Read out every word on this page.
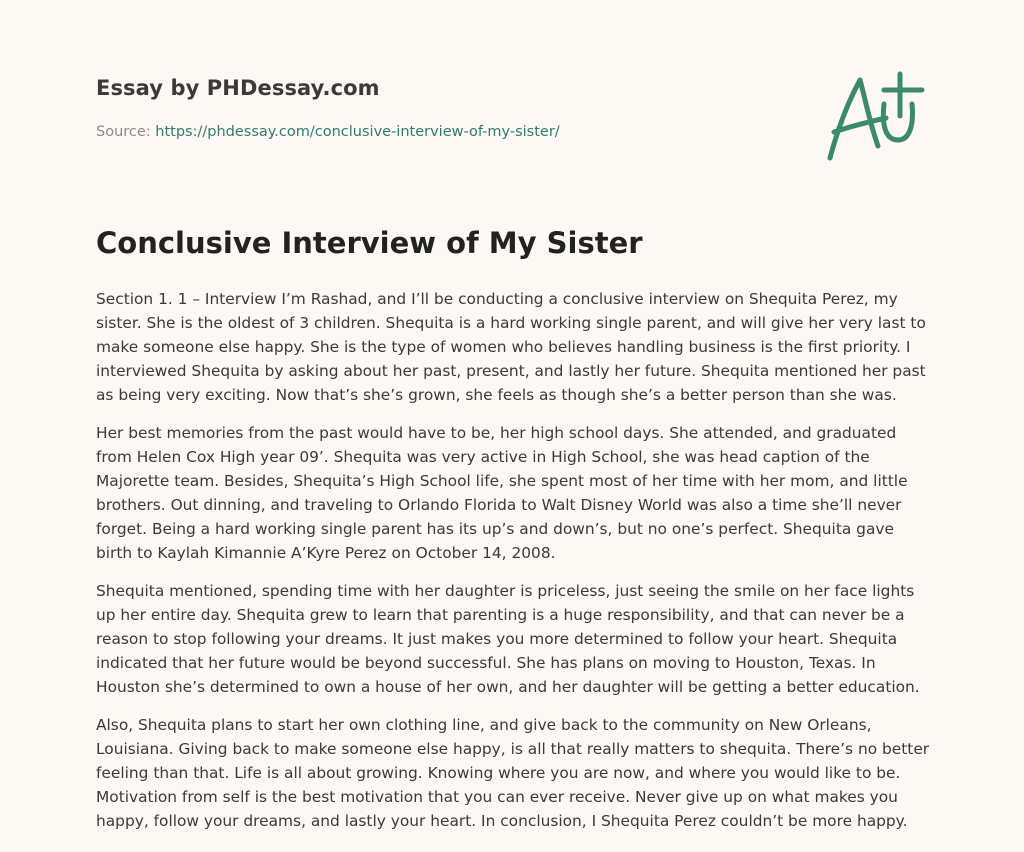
Essay by PHDessay.com
Source: https://phdessay.com/conclusive-interview-of-my-sister/
Conclusive Interview of My Sister

Section 1. 1 – Interview I’m Rashad, and I’ll be conducting a conclusive interview on Shequita Perez, my sister. She is the oldest of 3 children. Shequita is a hard working single parent, and will give her very last to make someone else happy. She is the type of women who believes handling business is the first priority. I interviewed Shequita by asking about her past, present, and lastly her future. Shequita mentioned her past as being very exciting. Now that’s she’s grown, she feels as though she’s a better person than she was.

Her best memories from the past would have to be, her high school days. She attended, and graduated from Helen Cox High year 09’. Shequita was very active in High School, she was head caption of the Majorette team. Besides, Shequita’s High School life, she spent most of her time with her mom, and little brothers. Out dinning, and traveling to Orlando Florida to Walt Disney World was also a time she’ll never forget. Being a hard working single parent has its up’s and down’s, but no one’s perfect. Shequita gave birth to Kaylah Kimannie A’Kyre Perez on October 14, 2008.

Shequita mentioned, spending time with her daughter is priceless, just seeing the smile on her face lights up her entire day. Shequita grew to learn that parenting is a huge responsibility, and that can never be a reason to stop following your dreams. It just makes you more determined to follow your heart. Shequita indicated that her future would be beyond successful. She has plans on moving to Houston, Texas. In Houston she’s determined to own a house of her own, and her daughter will be getting a better education.

Also, Shequita plans to start her own clothing line, and give back to the community on New Orleans, Louisiana. Giving back to make someone else happy, is all that really matters to shequita. There’s no better feeling than that. Life is all about growing. Knowing where you are now, and where you would like to be. Motivation from self is the best motivation that you can ever receive. Never give up on what makes you happy, follow your dreams, and lastly your heart. In conclusion, I Shequita Perez couldn’t be more happy.
